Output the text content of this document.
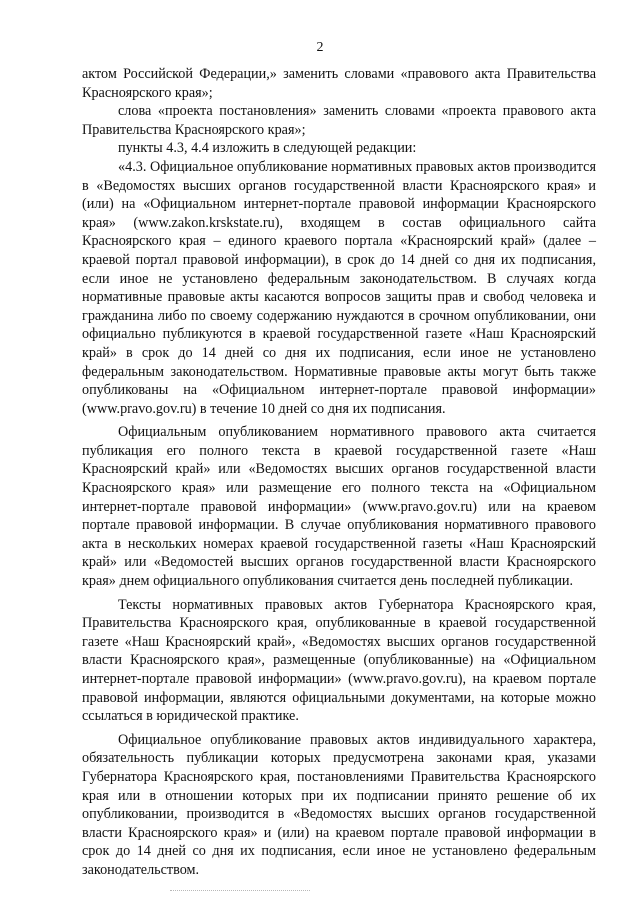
2

актом Российской Федерации,» заменить словами «правового акта Правительства Красноярского края»;

слова «проекта постановления» заменить словами «проекта правового акта Правительства Красноярского края»;

пункты 4.3, 4.4 изложить в следующей редакции:

«4.3. Официальное опубликование нормативных правовых актов производится в «Ведомостях высших органов государственной власти Красноярского края» и (или) на «Официальном интернет-портале правовой информации Красноярского края» (www.zakon.krskstate.ru), входящем в состав официального сайта Красноярского края – единого краевого портала «Красноярский край» (далее – краевой портал правовой информации), в срок до 14 дней со дня их подписания, если иное не установлено федеральным законодательством. В случаях когда нормативные правовые акты касаются вопросов защиты прав и свобод человека и гражданина либо по своему содержанию нуждаются в срочном опубликовании, они официально публикуются в краевой государственной газете «Наш Красноярский край» в срок до 14 дней со дня их подписания, если иное не установлено федеральным законодательством. Нормативные правовые акты могут быть также опубликованы на «Официальном интернет-портале правовой информации» (www.pravo.gov.ru) в течение 10 дней со дня их подписания.

Официальным опубликованием нормативного правового акта считается публикация его полного текста в краевой государственной газете «Наш Красноярский край» или «Ведомостях высших органов государственной власти Красноярского края» или размещение его полного текста на «Официальном интернет-портале правовой информации» (www.pravo.gov.ru) или на краевом портале правовой информации. В случае опубликования нормативного правового акта в нескольких номерах краевой государственной газеты «Наш Красноярский край» или «Ведомостей высших органов государственной власти Красноярского края» днем официального опубликования считается день последней публикации.

Тексты нормативных правовых актов Губернатора Красноярского края, Правительства Красноярского края, опубликованные в краевой государственной газете «Наш Красноярский край», «Ведомостях высших органов государственной власти Красноярского края», размещенные (опубликованные) на «Официальном интернет-портале правовой информации» (www.pravo.gov.ru), на краевом портале правовой информации, являются официальными документами, на которые можно ссылаться в юридической практике.

Официальное опубликование правовых актов индивидуального характера, обязательность публикации которых предусмотрена законами края, указами Губернатора Красноярского края, постановлениями Правительства Красноярского края или в отношении которых при их подписании принято решение об их опубликовании, производится в «Ведомостях высших органов государственной власти Красноярского края» и (или) на краевом портале правовой информации в срок до 14 дней со дня их подписания, если иное не установлено федеральным законодательством.
